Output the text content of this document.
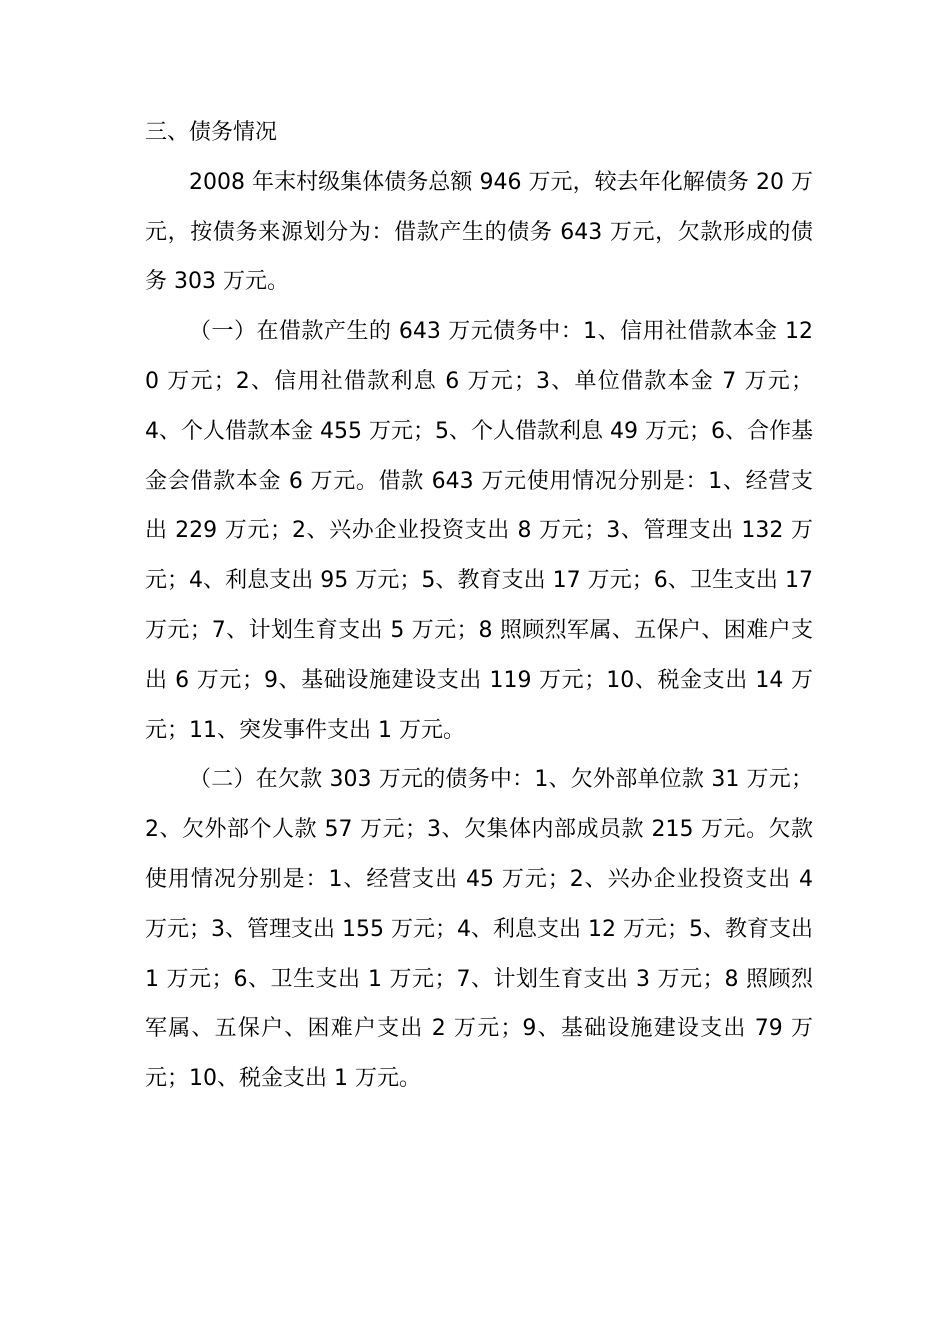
三、债务情况

2008 年末村级集体债务总额 946 万元，较去年化解债务 20 万元，按债务来源划分为：借款产生的债务 643 万元，欠款形成的债务 303 万元。

（一）在借款产生的 643 万元债务中：1、信用社借款本金 120 万元；2、信用社借款利息 6 万元；3、单位借款本金 7 万元；4、个人借款本金 455 万元；5、个人借款利息 49 万元；6、合作基金会借款本金 6 万元。借款 643 万元使用情况分别是：1、经营支出 229 万元；2、兴办企业投资支出 8 万元；3、管理支出 132 万元；4、利息支出 95 万元；5、教育支出 17 万元；6、卫生支出 17 万元；7、计划生育支出 5 万元；8 照顾烈军属、五保户、困难户支出 6 万元；9、基础设施建设支出 119 万元；10、税金支出 14 万元；11、突发事件支出 1 万元。

（二）在欠款 303 万元的债务中：1、欠外部单位款 31 万元；2、欠外部个人款 57 万元；3、欠集体内部成员款 215 万元。欠款使用情况分别是：1、经营支出 45 万元；2、兴办企业投资支出 4 万元；3、管理支出 155 万元；4、利息支出 12 万元；5、教育支出 1 万元；6、卫生支出 1 万元；7、计划生育支出 3 万元；8 照顾烈军属、五保户、困难户支出 2 万元；9、基础设施建设支出 79 万元；10、税金支出 1 万元。
